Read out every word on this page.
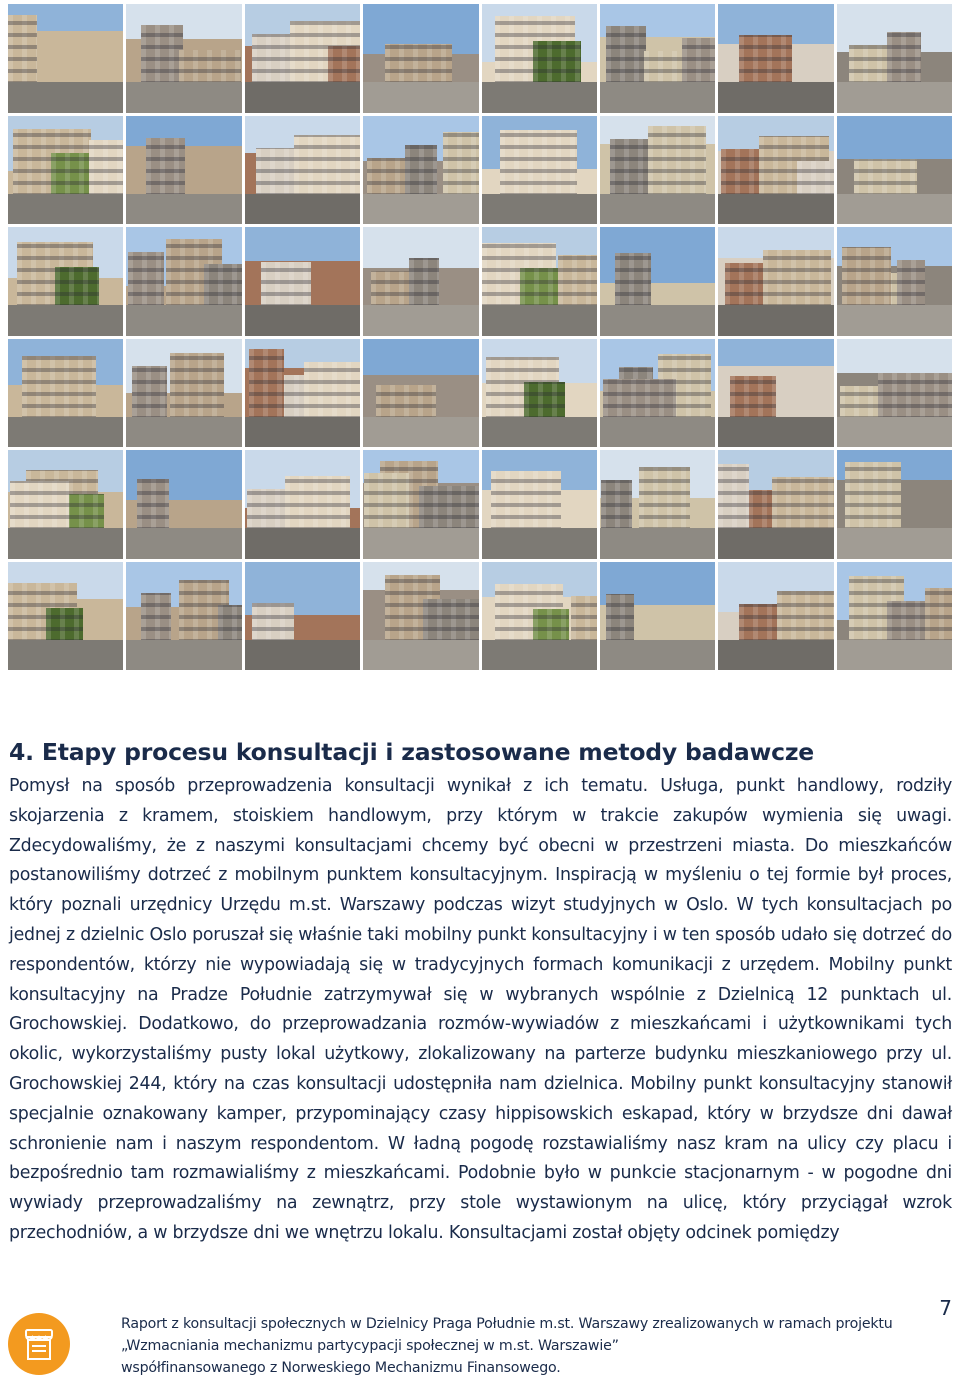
4. Etapy procesu konsultacji i zastosowane metody badawcze

Pomysł na sposób przeprowadzenia konsultacji wynikał z ich tematu. Usługa, punkt handlowy, rodziły skojarzenia z kramem, stoiskiem handlowym, przy którym w trakcie zakupów wymienia się uwagi. Zdecydowaliśmy, że z naszymi konsultacjami chcemy być obecni w przestrzeni miasta. Do mieszkańców postanowiliśmy dotrzeć z mobilnym punktem konsultacyjnym. Inspiracją w myśleniu o tej formie był proces, który poznali urzędnicy Urzędu m.st. Warszawy podczas wizyt studyjnych w Oslo. W tych konsultacjach po jednej z dzielnic Oslo poruszał się właśnie taki mobilny punkt konsultacyjny i w ten sposób udało się dotrzeć do respondentów, którzy nie wypowiadają się w tradycyjnych formach komunikacji z urzędem. Mobilny punkt konsultacyjny na Pradze Południe zatrzymywał się w wybranych wspólnie z Dzielnicą 12 punktach ul. Grochowskiej. Dodatkowo, do przeprowadzania rozmów-wywiadów z mieszkańcami i użytkownikami tych okolic, wykorzystaliśmy pusty lokal użytkowy, zlokalizowany na parterze budynku mieszkaniowego przy ul. Grochowskiej 244, który na czas konsultacji udostępniła nam dzielnica. Mobilny punkt konsultacyjny stanowił specjalnie oznakowany kamper, przypominający czasy hippisowskich eskapad, który w brzydsze dni dawał schronienie nam i naszym respondentom. W ładną pogodę rozstawialiśmy nasz kram na ulicy czy placu i bezpośrednio tam rozmawialiśmy z mieszkańcami. Podobnie było w punkcie stacjonarnym - w pogodne dni wywiady przeprowadzaliśmy na zewnątrz, przy stole wystawionym na ulicę, który przyciągał wzrok przechodniów, a w brzydsze dni we wnętrzu lokalu. Konsultacjami został objęty odcinek pomiędzy

Raport z konsultacji społecznych w Dzielnicy Praga Południe m.st. Warszawy zrealizowanych w ramach projektu
„Wzmacniania mechanizmu partycypacji społecznej w m.st. Warszawie”
współfinansowanego z Norweskiego Mechanizmu Finansowego.
7
